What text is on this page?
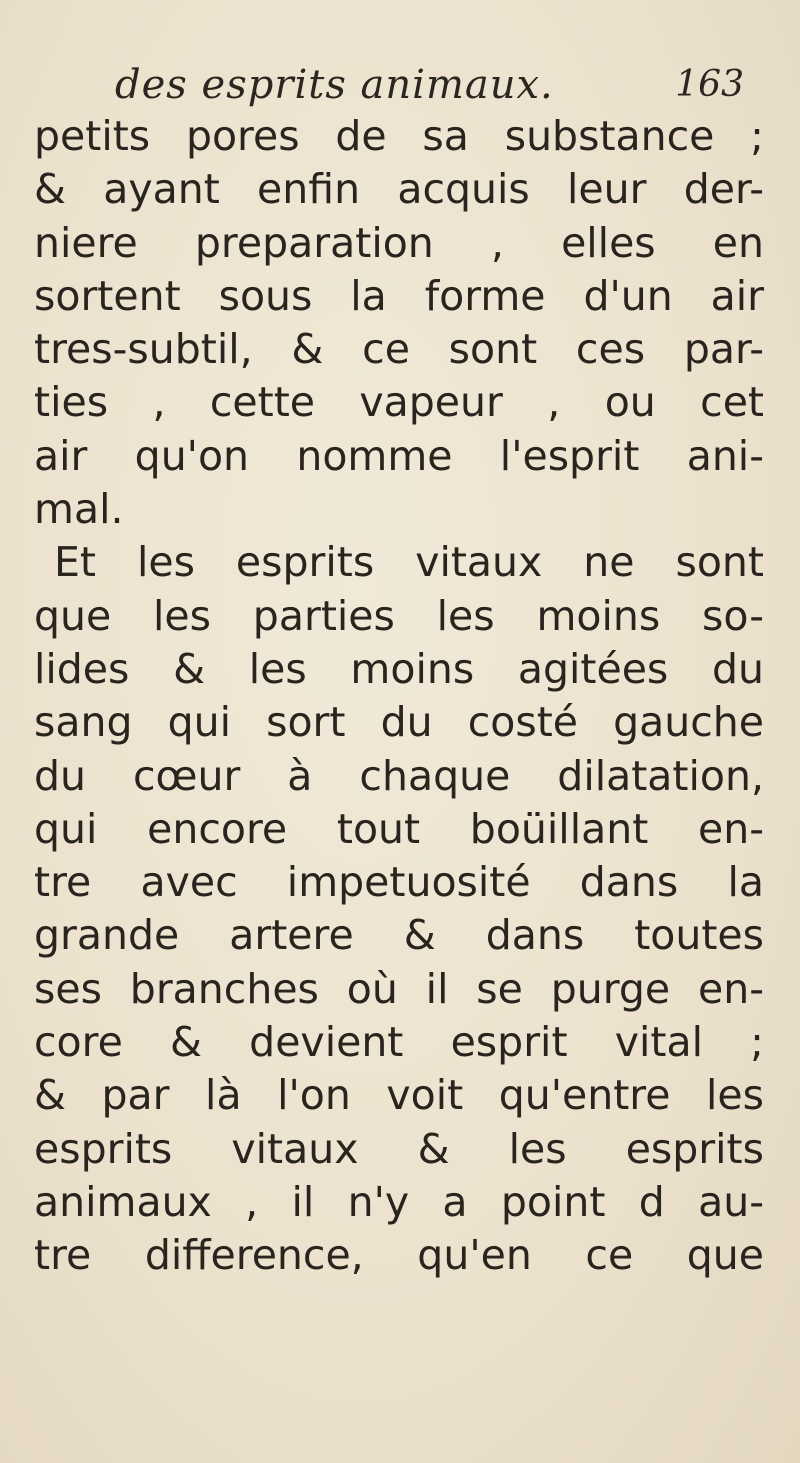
des esprits animaux.	163
petits pores de sa substance ;
& ayant enfin acquis leur der-
niere preparation , elles en
sortent sous la forme d'un air
tres-subtil, & ce sont ces par-
ties , cette vapeur , ou cet
air qu'on nomme l'esprit ani-
mal.
Et les esprits vitaux ne sont
que les parties les moins so-
lides & les moins agitées du
sang qui sort du costé gauche
du cœur à chaque dilatation,
qui encore tout boüillant en-
tre avec impetuosité dans la
grande artere & dans toutes
ses branches où il se purge en-
core & devient esprit vital ;
& par là l'on voit qu'entre les
esprits vitaux & les esprits
animaux , il n'y a point d au-
tre difference, qu'en ce que
